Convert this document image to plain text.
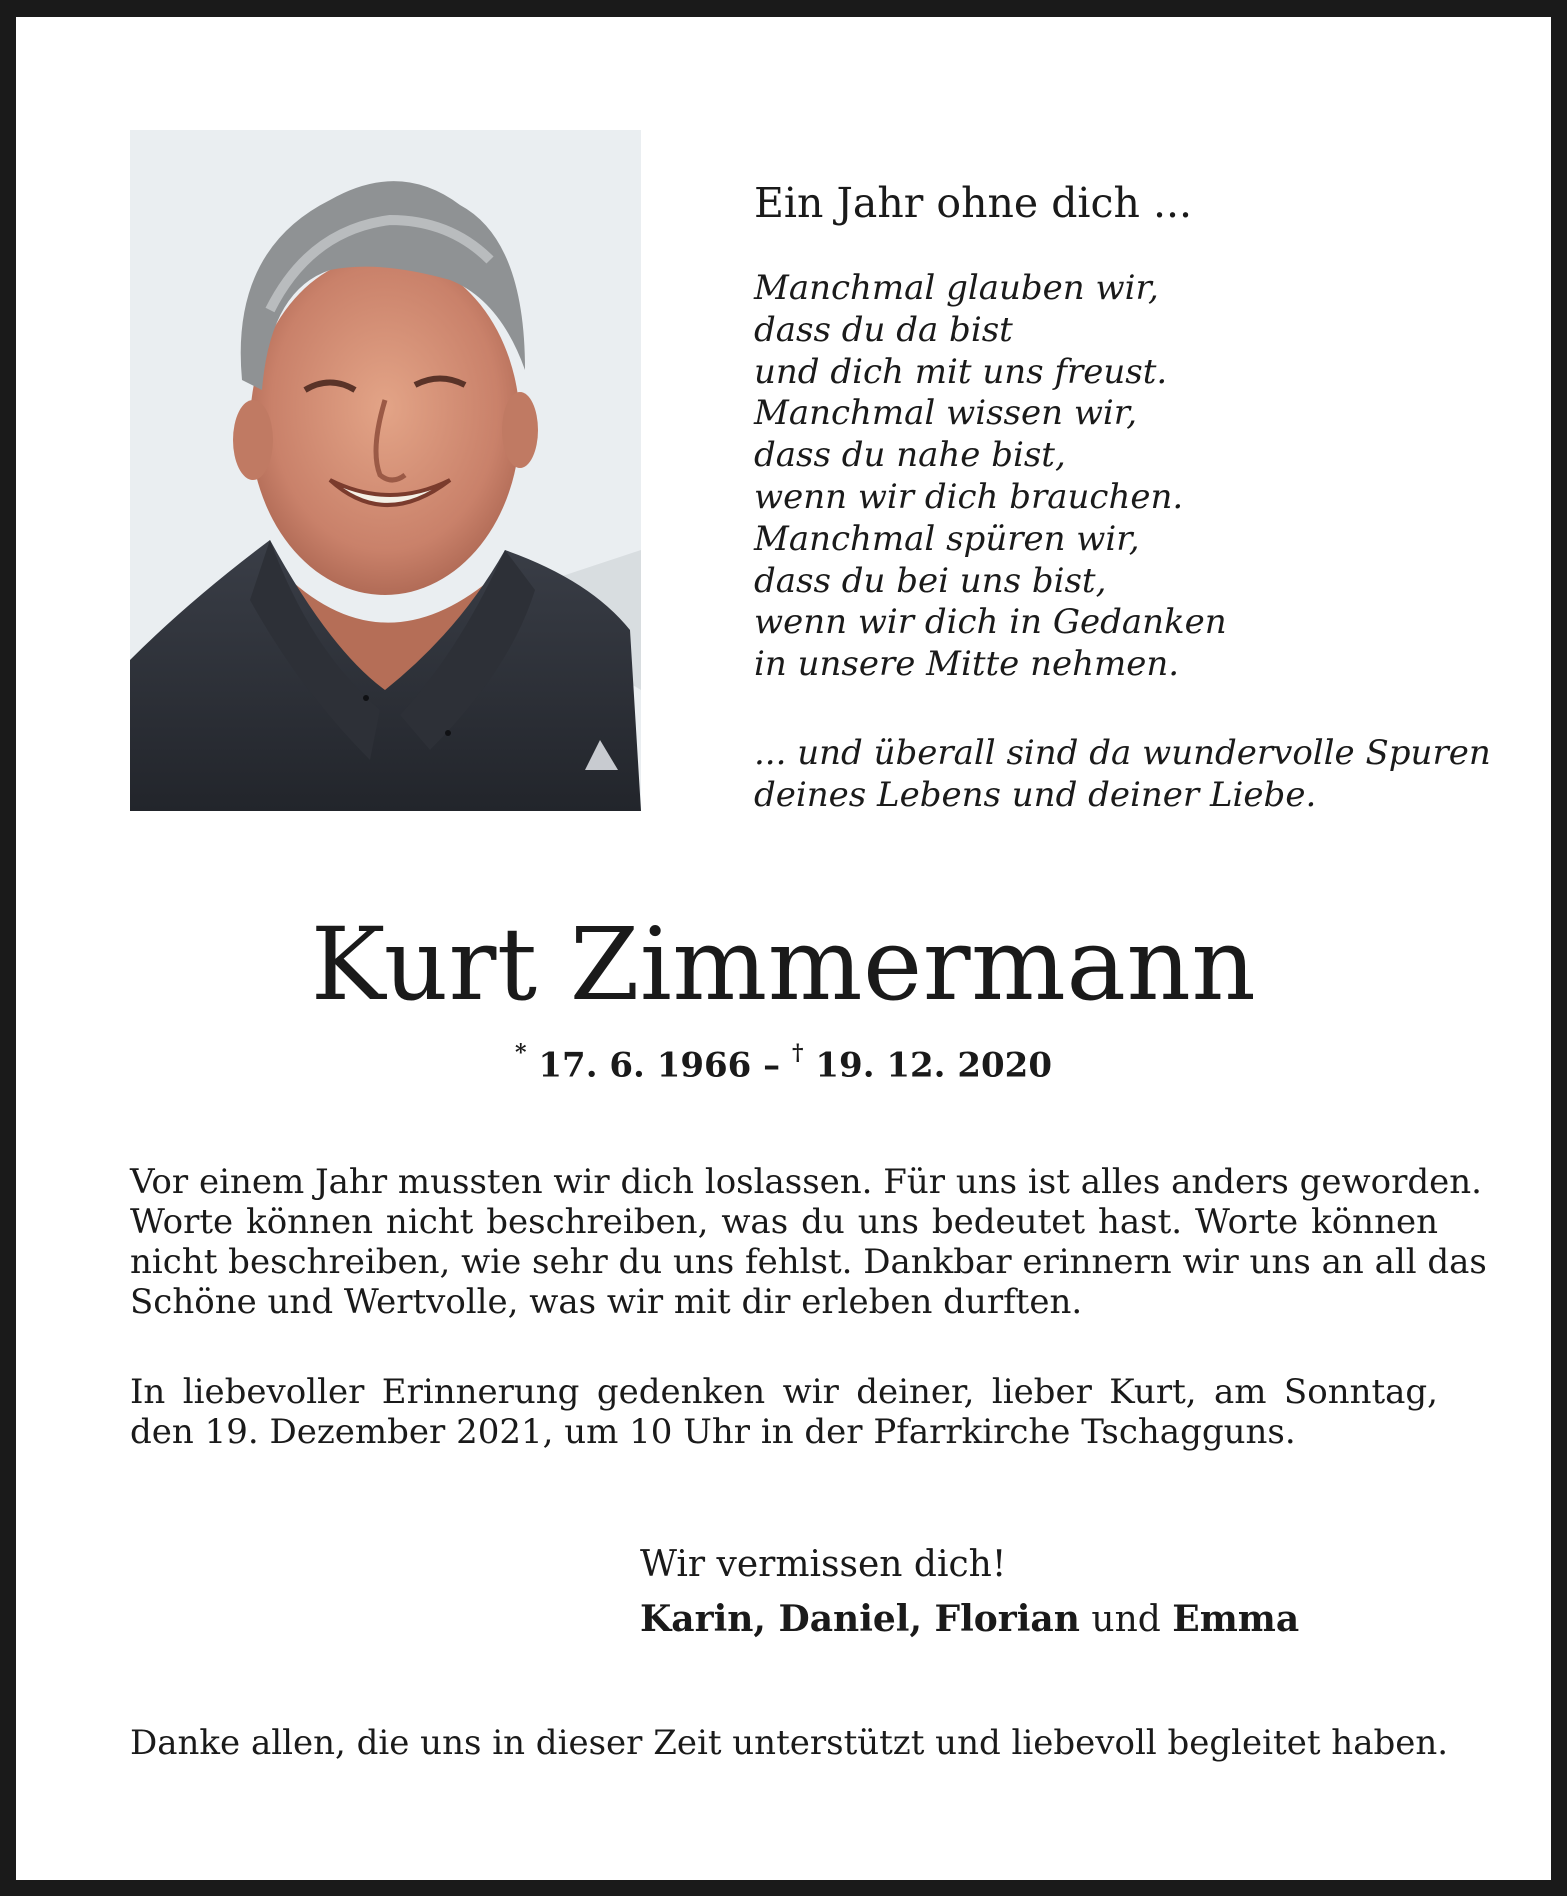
Ein Jahr ohne dich ...
Manchmal glauben wir,
dass du da bist
und dich mit uns freust.
Manchmal wissen wir,
dass du nahe bist,
wenn wir dich brauchen.
Manchmal spüren wir,
dass du bei uns bist,
wenn wir dich in Gedanken
in unsere Mitte nehmen.
... und überall sind da wundervolle Spuren
deines Lebens und deiner Liebe.
Kurt Zimmermann
* 17. 6. 1966 – † 19. 12. 2020
Vor einem Jahr mussten wir dich loslassen. Für uns ist alles anders geworden.
Worte können nicht beschreiben, was du uns bedeutet hast. Worte können
nicht beschreiben, wie sehr du uns fehlst. Dankbar erinnern wir uns an all das
Schöne und Wertvolle, was wir mit dir erleben durften.
In liebevoller Erinnerung gedenken wir deiner, lieber Kurt, am Sonntag,
den 19. Dezember 2021, um 10 Uhr in der Pfarrkirche Tschagguns.
Wir vermissen dich!
Karin, Daniel, Florian und Emma
Danke allen, die uns in dieser Zeit unterstützt und liebevoll begleitet haben.
